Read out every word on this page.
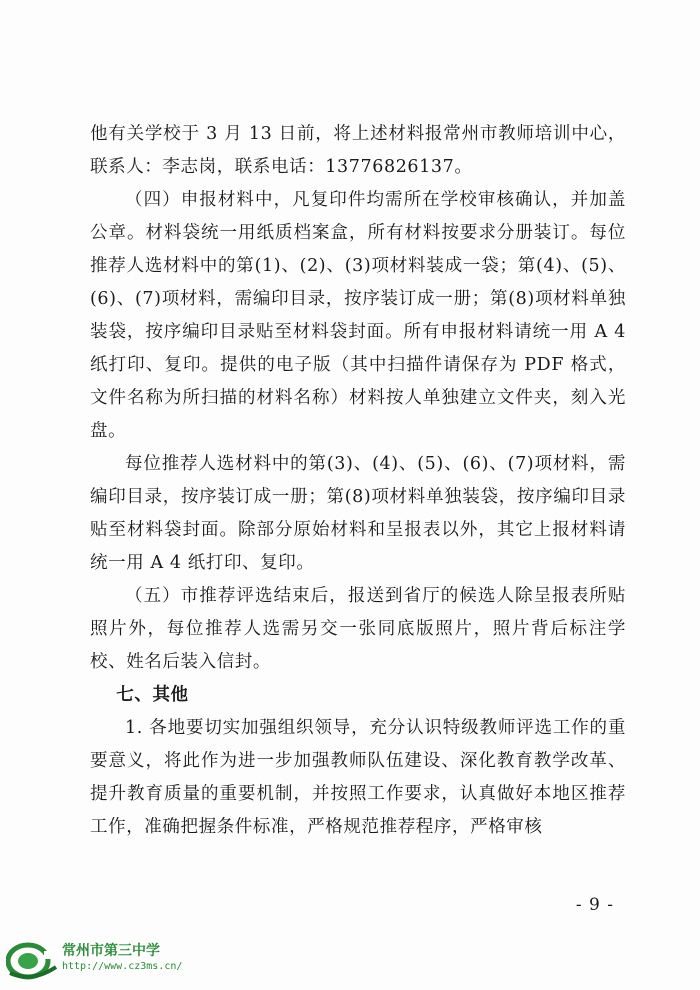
他有关学校于 3 月 13 日前，将上述材料报常州市教师培训中心，联系人：李志岗，联系电话：13776826137。

（四）申报材料中，凡复印件均需所在学校审核确认，并加盖公章。材料袋统一用纸质档案盒，所有材料按要求分册装订。每位推荐人选材料中的第(1)、(2)、(3)项材料装成一袋；第(4)、(5)、(6)、(7)项材料，需编印目录，按序装订成一册；第(8)项材料单独装袋，按序编印目录贴至材料袋封面。所有申报材料请统一用 A 4 纸打印、复印。提供的电子版（其中扫描件请保存为 PDF 格式，文件名称为所扫描的材料名称）材料按人单独建立文件夹，刻入光盘。

每位推荐人选材料中的第(3)、(4)、(5)、(6)、(7)项材料，需编印目录，按序装订成一册；第(8)项材料单独装袋，按序编印目录贴至材料袋封面。除部分原始材料和呈报表以外，其它上报材料请统一用 A 4 纸打印、复印。

（五）市推荐评选结束后，报送到省厅的候选人除呈报表所贴照片外，每位推荐人选需另交一张同底版照片，照片背后标注学校、姓名后装入信封。

七、其他

1. 各地要切实加强组织领导，充分认识特级教师评选工作的重要意义，将此作为进一步加强教师队伍建设、深化教育教学改革、提升教育质量的重要机制，并按照工作要求，认真做好本地区推荐工作，准确把握条件标准，严格规范推荐程序，严格审核

- 9 -
常州市第三中学
http://www.cz3ms.cn/
